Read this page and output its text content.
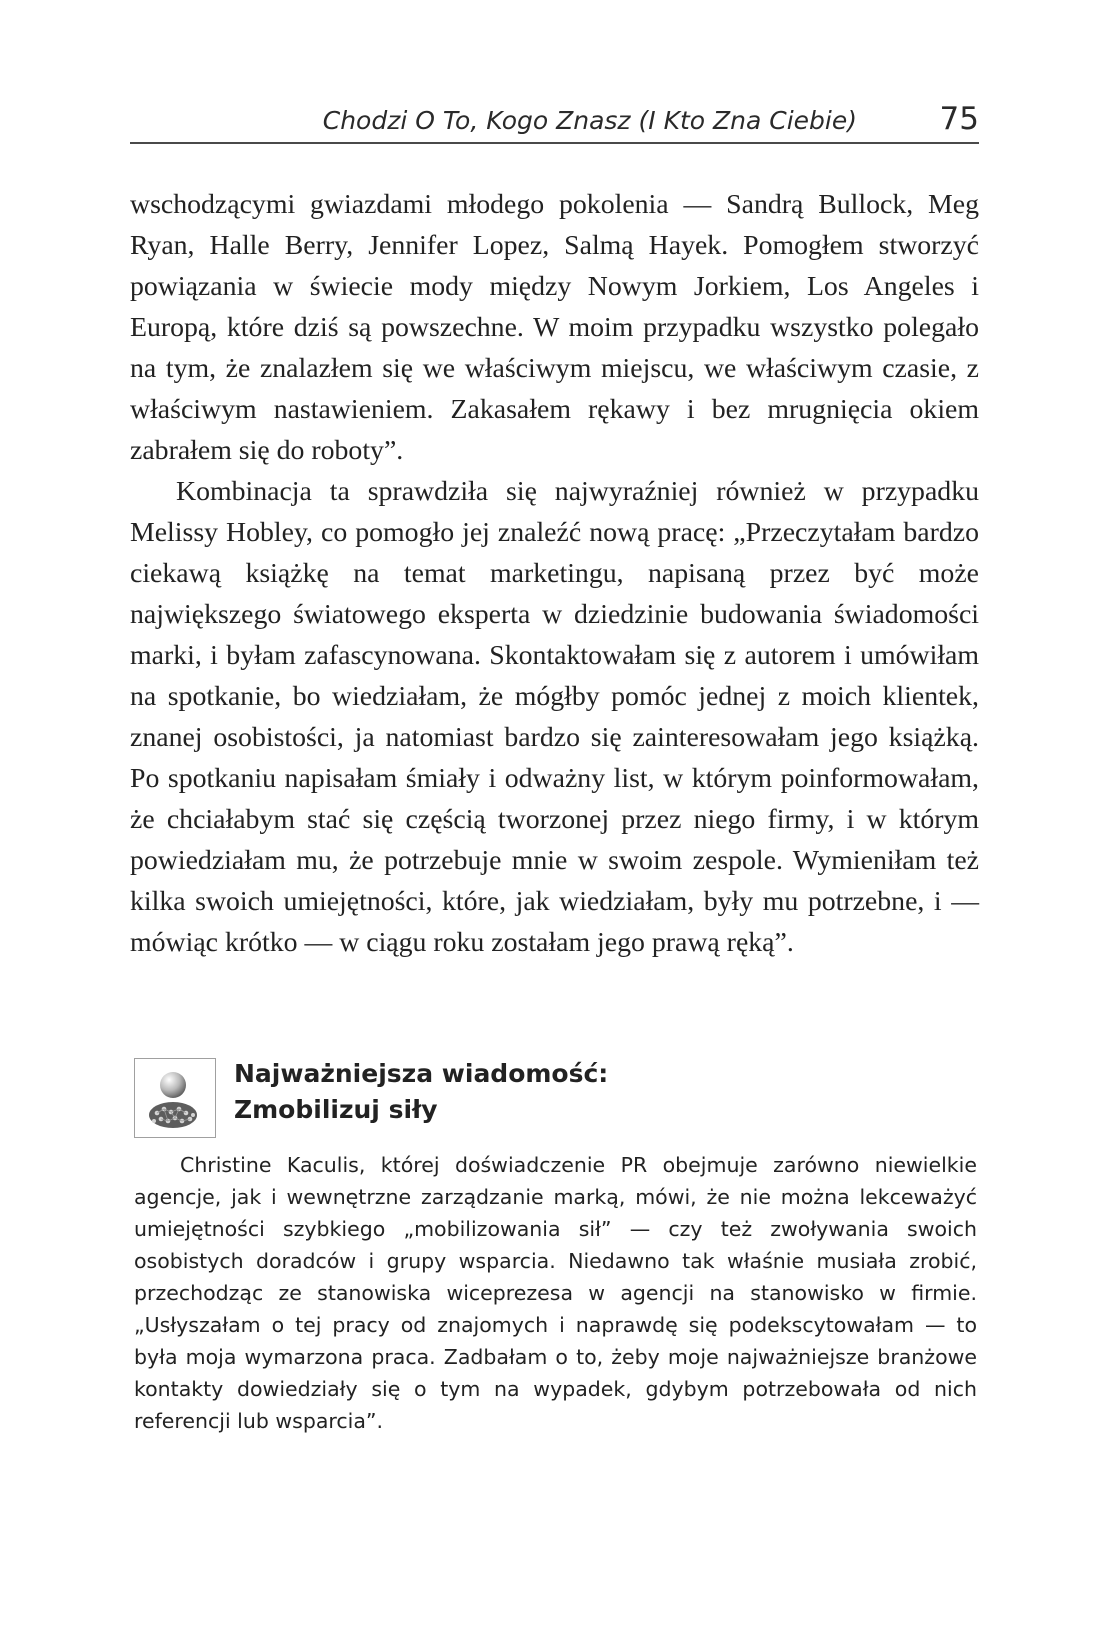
Chodzi O To, Kogo Znasz (I Kto Zna Ciebie)	75

wschodzącymi gwiazdami młodego pokolenia — Sandrą Bullock, Meg Ryan, Halle Berry, Jennifer Lopez, Salmą Hayek. Pomogłem stworzyć powiązania w świecie mody między Nowym Jorkiem, Los Angeles i Europą, które dziś są powszechne. W moim przypadku wszystko polegało na tym, że znalazłem się we właściwym miejscu, we właściwym czasie, z właściwym nastawieniem. Zakasałem rękawy i bez mrugnięcia okiem zabrałem się do roboty”.

Kombinacja ta sprawdziła się najwyraźniej również w przypadku Melissy Hobley, co pomogło jej znaleźć nową pracę: „Przeczytałam bardzo ciekawą książkę na temat marketingu, napisaną przez być może największego światowego eksperta w dziedzinie budowania świadomości marki, i byłam zafascynowana. Skontaktowałam się z autorem i umówiłam na spotkanie, bo wiedziałam, że mógłby pomóc jednej z moich klientek, znanej osobistości, ja natomiast bardzo się zainteresowałam jego książką. Po spotkaniu napisałam śmiały i odważny list, w którym poinformowałam, że chciałabym stać się częścią tworzonej przez niego firmy, i w którym powiedziałam mu, że potrzebuje mnie w swoim zespole. Wymieniłam też kilka swoich umiejętności, które, jak wiedziałam, były mu potrzebne, i — mówiąc krótko — w ciągu roku zostałam jego prawą ręką”.

Najważniejsza wiadomość:
Zmobilizuj siły

Christine Kaculis, której doświadczenie PR obejmuje zarówno niewielkie agencje, jak i wewnętrzne zarządzanie marką, mówi, że nie można lekceważyć umiejętności szybkiego „mobilizowania sił” — czy też zwoływania swoich osobistych doradców i grupy wsparcia. Niedawno tak właśnie musiała zrobić, przechodząc ze stanowiska wiceprezesa w agencji na stanowisko w firmie. „Usłyszałam o tej pracy od znajomych i naprawdę się podekscytowałam — to była moja wymarzona praca. Zadbałam o to, żeby moje najważniejsze branżowe kontakty dowiedziały się o tym na wypadek, gdybym potrzebowała od nich referencji lub wsparcia”.
